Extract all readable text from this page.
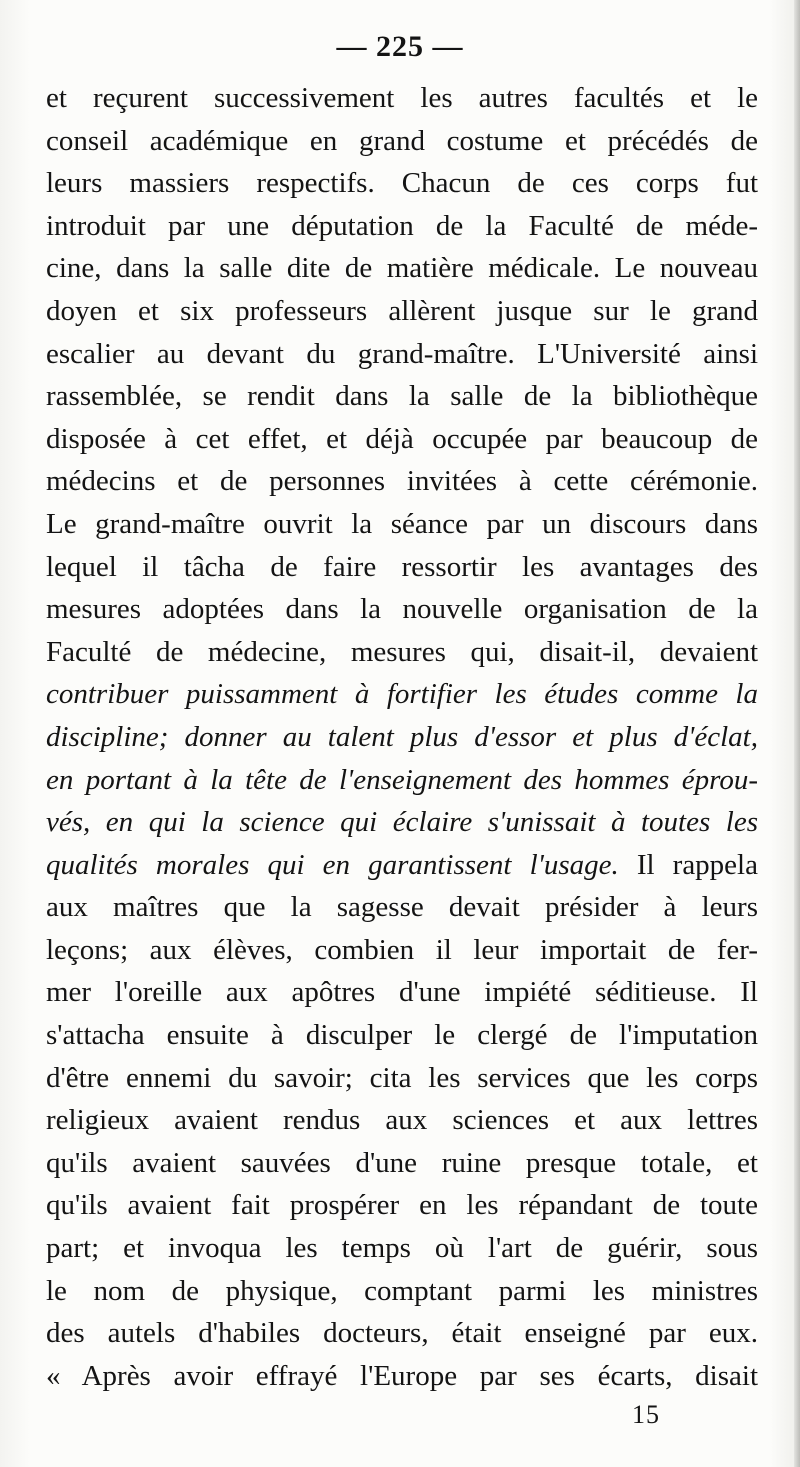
— 225 —
et reçurent successivement les autres facultés et le
conseil académique en grand costume et précédés de
leurs massiers respectifs. Chacun de ces corps fut
introduit par une députation de la Faculté de méde-
cine, dans la salle dite de matière médicale. Le nouveau
doyen et six professeurs allèrent jusque sur le grand
escalier au devant du grand-maître. L'Université ainsi
rassemblée, se rendit dans la salle de la bibliothèque
disposée à cet effet, et déjà occupée par beaucoup de
médecins et de personnes invitées à cette cérémonie.
Le grand-maître ouvrit la séance par un discours dans
lequel il tâcha de faire ressortir les avantages des
mesures adoptées dans la nouvelle organisation de la
Faculté de médecine, mesures qui, disait-il, devaient
contribuer puissamment à fortifier les études comme la
discipline; donner au talent plus d'essor et plus d'éclat,
en portant à la tête de l'enseignement des hommes éprou-
vés, en qui la science qui éclaire s'unissait à toutes les
qualités morales qui en garantissent l'usage. Il rappela
aux maîtres que la sagesse devait présider à leurs
leçons; aux élèves, combien il leur importait de fer-
mer l'oreille aux apôtres d'une impiété séditieuse. Il
s'attacha ensuite à disculper le clergé de l'imputation
d'être ennemi du savoir; cita les services que les corps
religieux avaient rendus aux sciences et aux lettres
qu'ils avaient sauvées d'une ruine presque totale, et
qu'ils avaient fait prospérer en les répandant de toute
part; et invoqua les temps où l'art de guérir, sous
le nom de physique, comptant parmi les ministres
des autels d'habiles docteurs, était enseigné par eux.
« Après avoir effrayé l'Europe par ses écarts, disait
15
